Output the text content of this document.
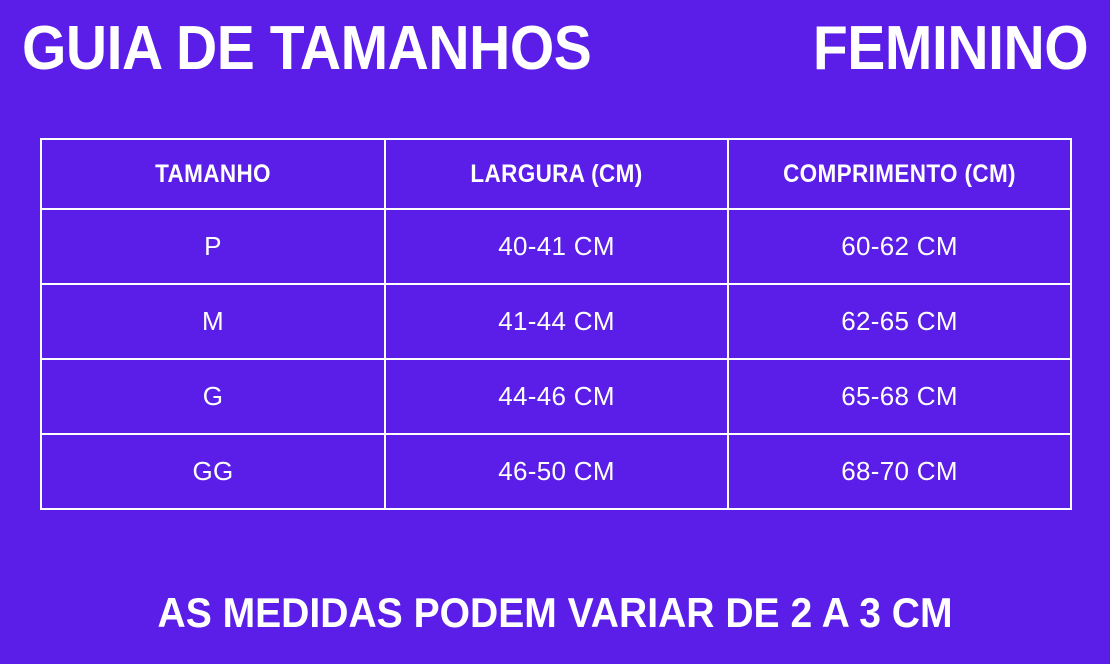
GUIA DE TAMANHOS	FEMININO
TAMANHO	LARGURA (CM)	COMPRIMENTO (CM)
P	40-41 CM	60-62 CM
M	41-44 CM	62-65 CM
G	44-46 CM	65-68 CM
GG	46-50 CM	68-70 CM
AS MEDIDAS PODEM VARIAR DE 2 A 3 CM
